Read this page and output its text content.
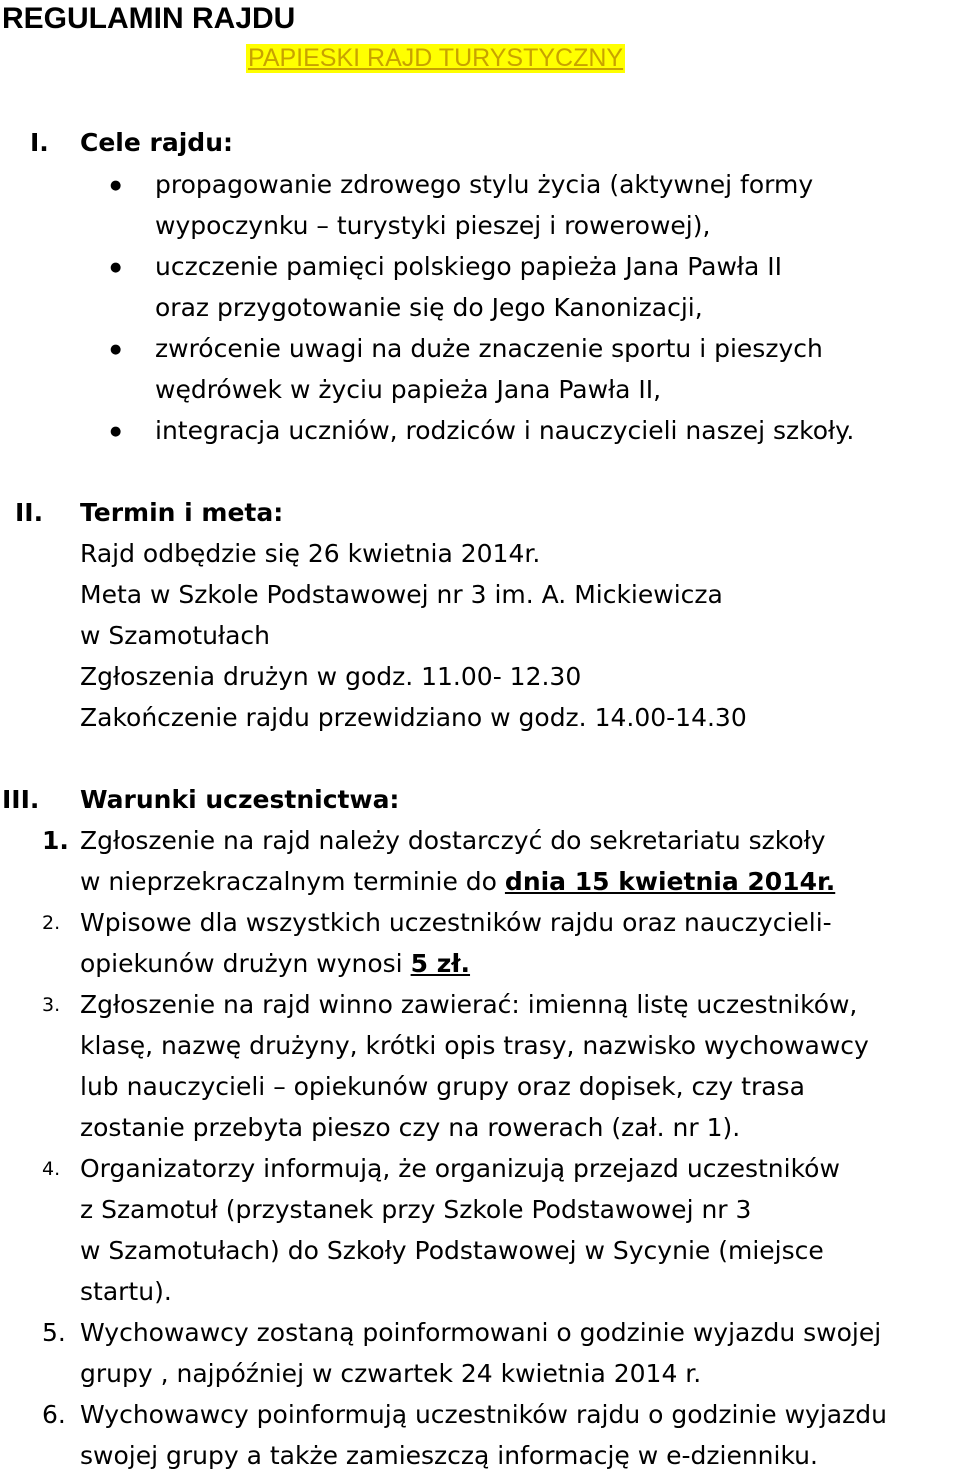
REGULAMIN RAJDU
PAPIESKI RAJD TURYSTYCZNY
I. Cele rajdu:
● propagowanie zdrowego stylu życia (aktywnej formy
wypoczynku – turystyki pieszej i rowerowej),
● uczczenie pamięci polskiego papieża Jana Pawła II
oraz przygotowanie się do Jego Kanonizacji,
● zwrócenie uwagi na duże znaczenie sportu i pieszych
wędrówek w życiu papieża Jana Pawła II,
● integracja uczniów, rodziców i nauczycieli naszej szkoły.
II. Termin i meta:
Rajd odbędzie się 26 kwietnia 2014r.
Meta w Szkole Podstawowej nr 3 im. A. Mickiewicza
w Szamotułach
Zgłoszenia drużyn w godz. 11.00- 12.30
Zakończenie rajdu przewidziano w godz. 14.00-14.30
III. Warunki uczestnictwa:
1. Zgłoszenie na rajd należy dostarczyć do sekretariatu szkoły
w nieprzekraczalnym terminie do dnia 15 kwietnia 2014r.
2. Wpisowe dla wszystkich uczestników rajdu oraz nauczycieli-
opiekunów drużyn wynosi 5 zł.
3. Zgłoszenie na rajd winno zawierać: imienną listę uczestników,
klasę, nazwę drużyny, krótki opis trasy, nazwisko wychowawcy
lub nauczycieli – opiekunów grupy oraz dopisek, czy trasa
zostanie przebyta pieszo czy na rowerach (zał. nr 1).
4. Organizatorzy informują, że organizują przejazd uczestników
z Szamotuł (przystanek przy Szkole Podstawowej nr 3
w Szamotułach) do Szkoły Podstawowej w Sycynie (miejsce
startu).
5. Wychowawcy zostaną poinformowani o godzinie wyjazdu swojej
grupy , najpóźniej w czwartek 24 kwietnia 2014 r.
6. Wychowawcy poinformują uczestników rajdu o godzinie wyjazdu
swojej grupy a także zamieszczą informację w e-dzienniku.
